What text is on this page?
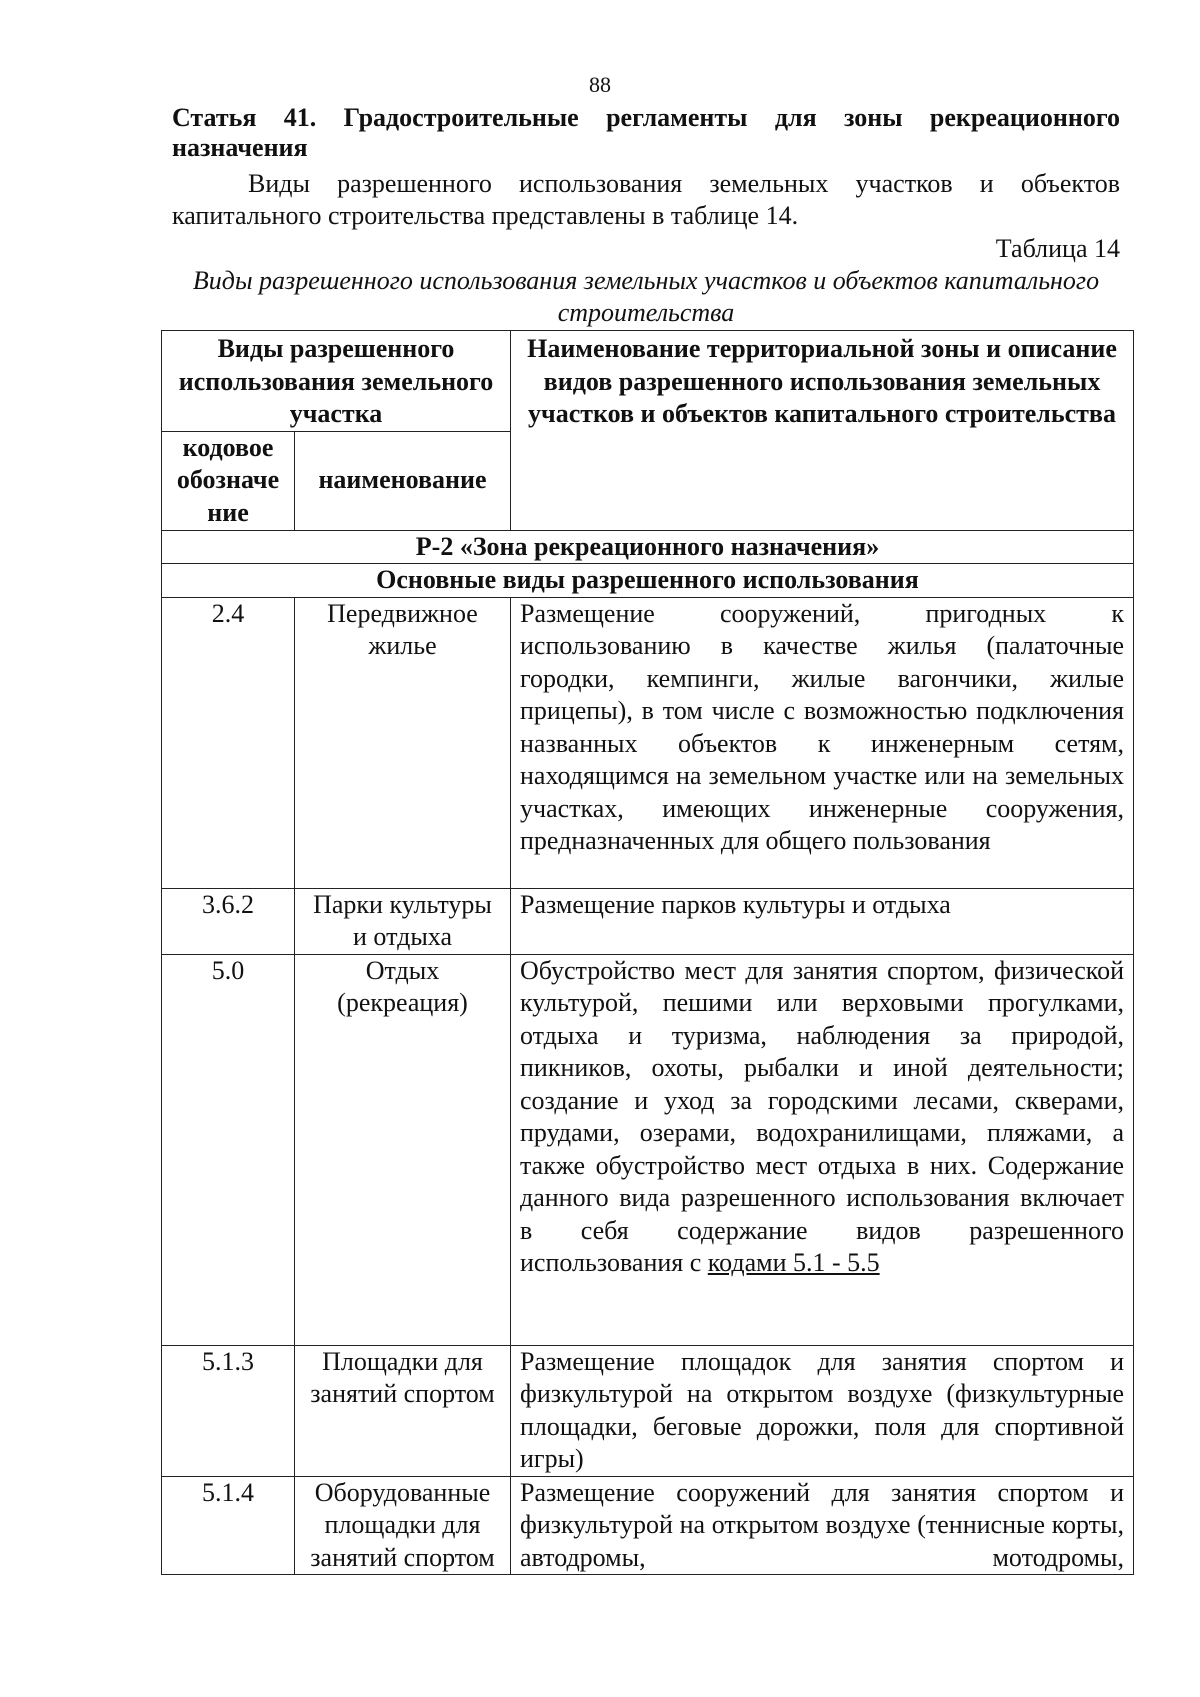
88
Статья 41. Градостроительные регламенты для зоны рекреационного назначения
Виды разрешенного использования земельных участков и объектов капитального строительства представлены в таблице 14.
Таблица 14
Виды разрешенного использования земельных участков и объектов капитального строительства
Виды разрешенного использования земельного участка		Наименование территориальной зоны и описание видов разрешенного использования земельных участков и объектов капитального строительства
кодовое обозначе ние	наименование	
Р-2 «Зона рекреационного назначения»		
Основные виды разрешенного использования		
2.4	Передвижное жилье	Размещение сооружений, пригодных к использованию в качестве жилья (палаточные городки, кемпинги, жилые вагончики, жилые прицепы), в том числе с возможностью подключения названных объектов к инженерным сетям, находящимся на земельном участке или на земельных участках, имеющих инженерные сооружения, предназначенных для общего пользования
3.6.2	Парки культуры и отдыха	Размещение парков культуры и отдыха
5.0	Отдых (рекреация)	Обустройство мест для занятия спортом, физической культурой, пешими или верховыми прогулками, отдыха и туризма, наблюдения за природой, пикников, охоты, рыбалки и иной деятельности; создание и уход за городскими лесами, скверами, прудами, озерами, водохранилищами, пляжами, а также обустройство мест отдыха в них. Содержание данного вида разрешенного использования включает в себя содержание видов разрешенного использования с кодами 5.1 - 5.5
5.1.3	Площадки для занятий спортом	Размещение площадок для занятия спортом и физкультурой на открытом воздухе (физкультурные площадки, беговые дорожки, поля для спортивной игры)
5.1.4	Оборудованные площадки для занятий спортом	Размещение сооружений для занятия спортом и физкультурой на открытом воздухе (теннисные корты, автодромы, мотодромы,
